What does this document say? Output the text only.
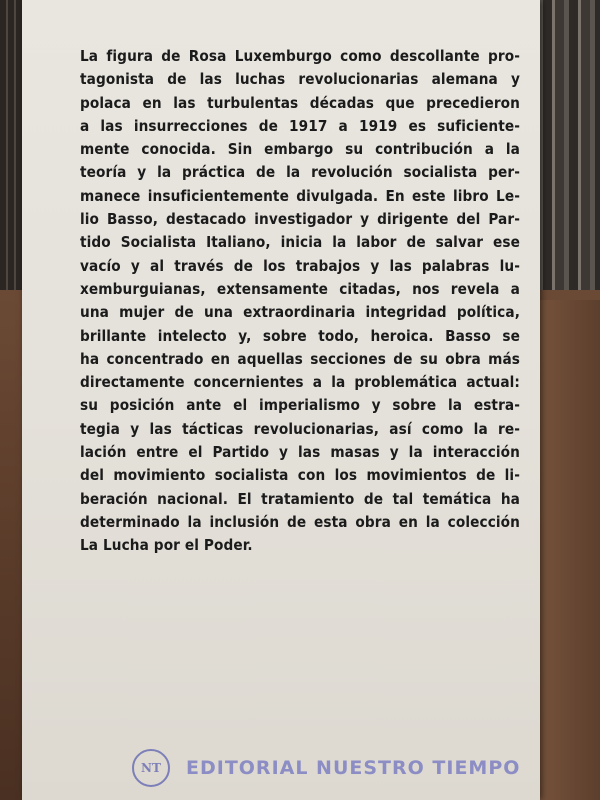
La figura de Rosa Luxemburgo como descollante pro-
tagonista de las luchas revolucionarias alemana y
polaca en las turbulentas décadas que precedieron
a las insurrecciones de 1917 a 1919 es suficiente-
mente conocida. Sin embargo su contribución a la
teoría y la práctica de la revolución socialista per-
manece insuficientemente divulgada. En este libro Le-
lio Basso, destacado investigador y dirigente del Par-
tido Socialista Italiano, inicia la labor de salvar ese
vacío y al través de los trabajos y las palabras lu-
xemburguianas, extensamente citadas, nos revela a
una mujer de una extraordinaria integridad política,
brillante intelecto y, sobre todo, heroica. Basso se
ha concentrado en aquellas secciones de su obra más
directamente concernientes a la problemática actual:
su posición ante el imperialismo y sobre la estra-
tegia y las tácticas revolucionarias, así como la re-
lación entre el Partido y las masas y la interacción
del movimiento socialista con los movimientos de li-
beración nacional. El tratamiento de tal temática ha
determinado la inclusión de esta obra en la colección
La Lucha por el Poder.
NT	EDITORIAL NUESTRO TIEMPO
